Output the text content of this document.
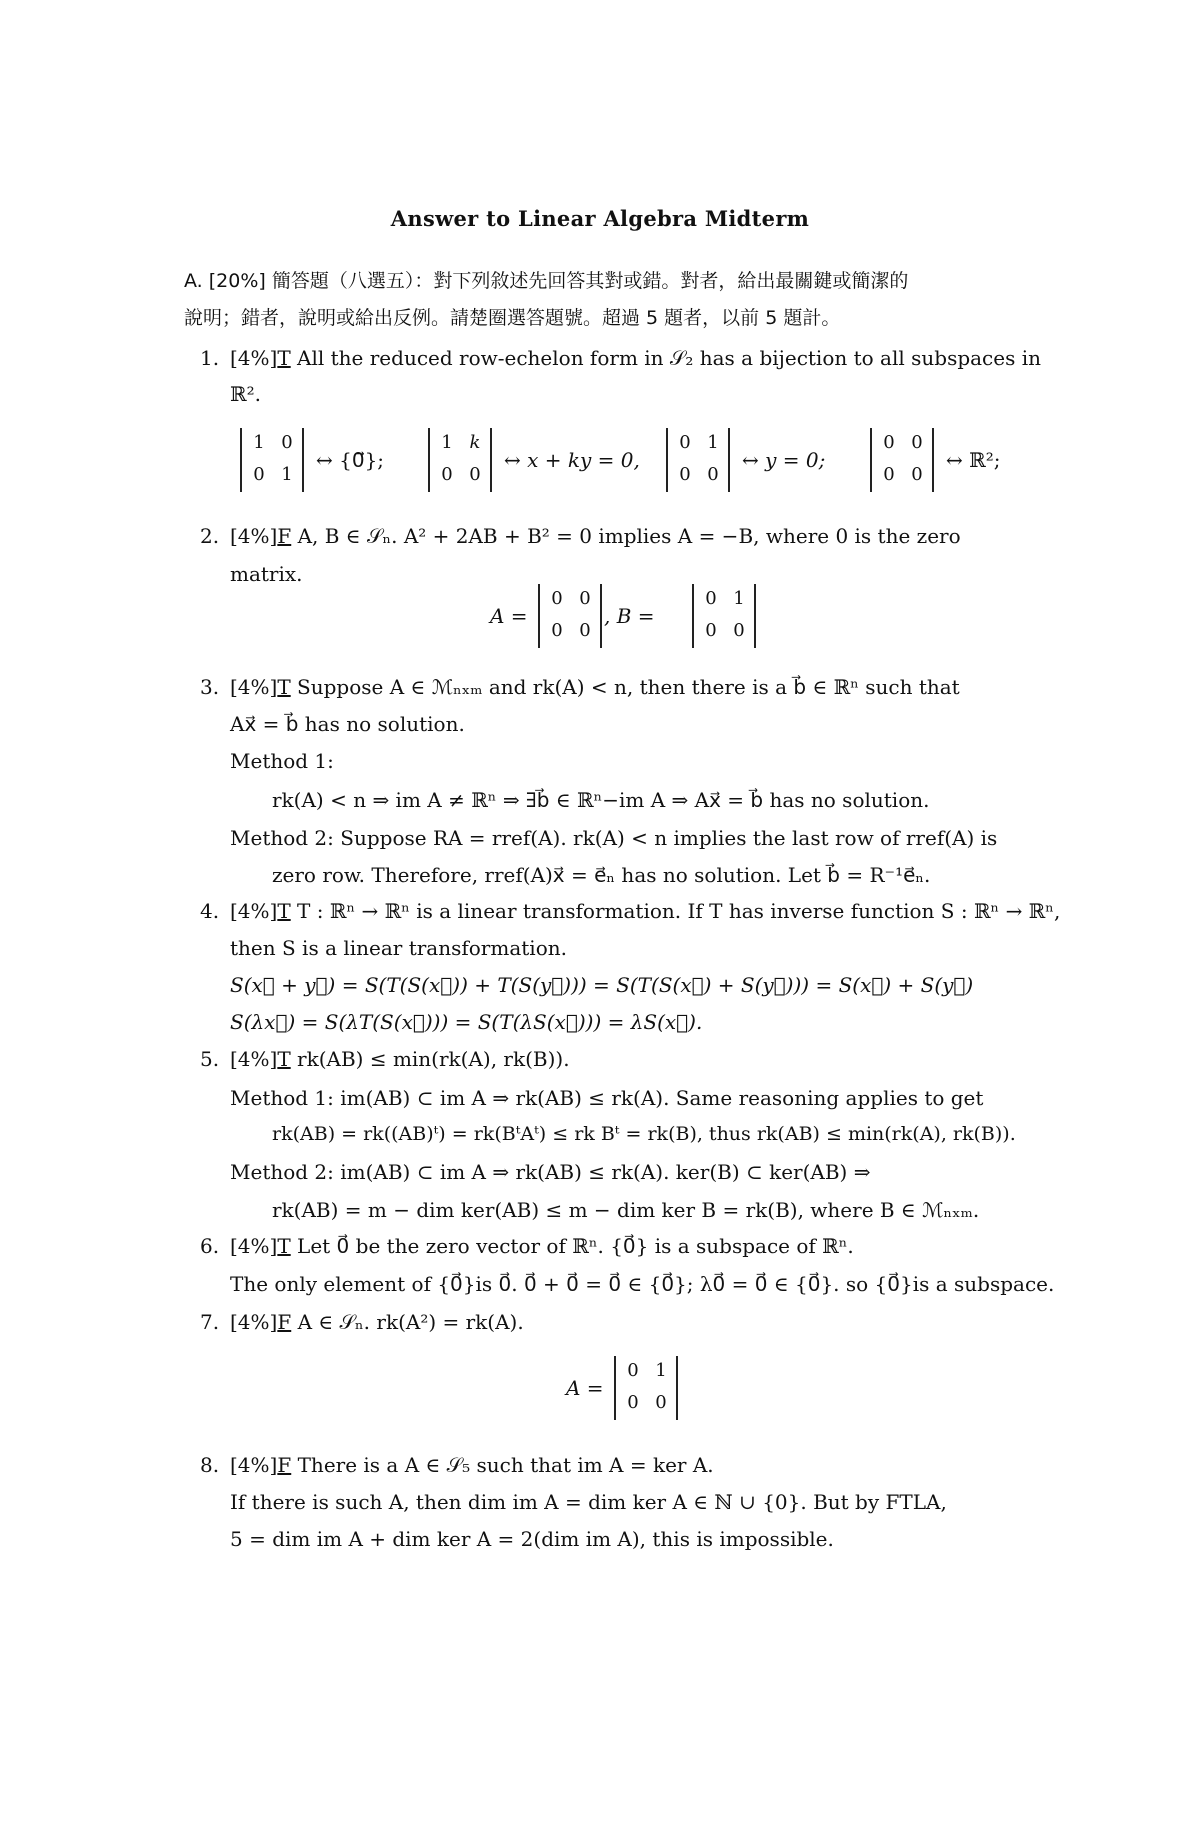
Answer to Linear Algebra Midterm
A. [20%] 簡答題（八選五）：對下列敘述先回答其對或錯。對者，給出最關鍵或簡潔的
說明；錯者，說明或給出反例。請楚圈選答題號。超過 5 題者，以前 5 題計。
1. [4%]T All the reduced row-echelon form in 𝒮₂ has a bijection to all subspaces in
ℝ².
1 0
0 1
↔ {0⃗};
1 k
0 0
↔ x + ky = 0,
0 1
0 0
↔ y = 0;
0 0
0 0
↔ ℝ²;
2. [4%]F A, B ∈ 𝒮ₙ. A² + 2AB + B² = 0 implies A = −B, where 0 is the zero
matrix.
A =
0 0
0 0
, B =
0 1
0 0
3. [4%]T Suppose A ∈ ℳₙₓₘ and rk(A) < n, then there is a b⃗ ∈ ℝⁿ such that
Ax⃗ = b⃗ has no solution.
Method 1:
rk(A) < n ⇒ im A ≠ ℝⁿ ⇒ ∃b⃗ ∈ ℝⁿ−im A ⇒ Ax⃗ = b⃗ has no solution.
Method 2: Suppose RA = rref(A). rk(A) < n implies the last row of rref(A) is
zero row. Therefore, rref(A)x⃗ = e⃗ₙ has no solution. Let b⃗ = R⁻¹e⃗ₙ.
4. [4%]T T : ℝⁿ → ℝⁿ is a linear transformation. If T has inverse function S : ℝⁿ → ℝⁿ,
then S is a linear transformation.
S(x⃗ + y⃗) = S(T(S(x⃗)) + T(S(y⃗))) = S(T(S(x⃗) + S(y⃗))) = S(x⃗) + S(y⃗)
S(λx⃗) = S(λT(S(x⃗))) = S(T(λS(x⃗))) = λS(x⃗).
5. [4%]T rk(AB) ≤ min(rk(A), rk(B)).
Method 1: im(AB) ⊂ im A ⇒ rk(AB) ≤ rk(A). Same reasoning applies to get
rk(AB) = rk((AB)ᵗ) = rk(BᵗAᵗ) ≤ rk Bᵗ = rk(B), thus rk(AB) ≤ min(rk(A), rk(B)).
Method 2: im(AB) ⊂ im A ⇒ rk(AB) ≤ rk(A). ker(B) ⊂ ker(AB) ⇒
rk(AB) = m − dim ker(AB) ≤ m − dim ker B = rk(B), where B ∈ ℳₙₓₘ.
6. [4%]T Let 0⃗ be the zero vector of ℝⁿ. {0⃗} is a subspace of ℝⁿ.
The only element of {0⃗}is 0⃗. 0⃗ + 0⃗ = 0⃗ ∈ {0⃗}; λ0⃗ = 0⃗ ∈ {0⃗}. so {0⃗}is a subspace.
7. [4%]F A ∈ 𝒮ₙ. rk(A²) = rk(A).
A =
0 1
0 0
8. [4%]F There is a A ∈ 𝒮₅ such that im A = ker A.
If there is such A, then dim im A = dim ker A ∈ ℕ ∪ {0}. But by FTLA,
5 = dim im A + dim ker A = 2(dim im A), this is impossible.
